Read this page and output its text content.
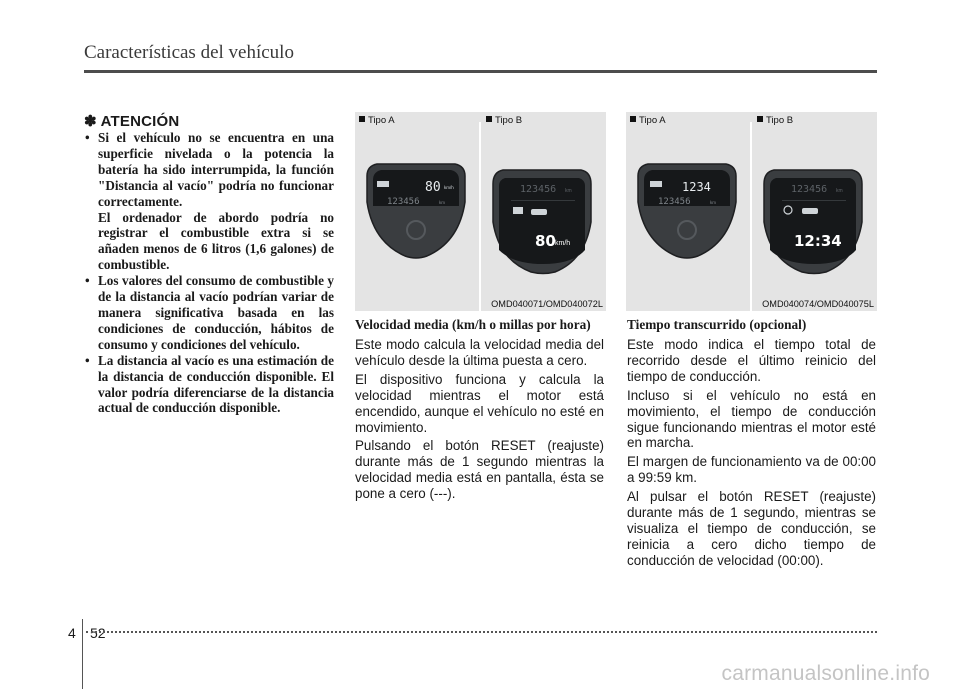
Características del vehículo
✽ ATENCIÓN
• Si el vehículo no se encuentra en una superficie nivelada o la potencia la batería ha sido interrumpida, la función "Distancia al vacío" podría no funcionar correctamente.
El ordenador de abordo podría no registrar el combustible extra si se añaden menos de 6 litros (1,6 galones) de combustible.
• Los valores del consumo de combustible y de la distancia al vacío podrían variar de manera significativa basada en las condiciones de conducción, hábitos de consumo y condiciones del vehículo.
• La distancia al vacío es una estimación de la distancia de conducción disponible. El valor podría diferenciarse de la distancia actual de conducción disponible.
80 km/h
123456	km
123456 km
80 km/h
Tipo A	Tipo B
OMD040071/OMD040072L
1234
123456	km
123456 km
12:34
Tipo A	Tipo B
OMD040074/OMD040075L
Velocidad media (km/h o millas por hora)

Este modo calcula la velocidad media del vehículo desde la última puesta a cero.

El dispositivo funciona y calcula la velocidad mientras el motor está encendido, aunque el vehículo no esté en movimiento.

Pulsando el botón RESET (reajuste) durante más de 1 segundo mientras la velocidad media está en pantalla, ésta se pone a cero (---).

Tiempo transcurrido (opcional)

Este modo indica el tiempo total de recorrido desde el último reinicio del tiempo de conducción.

Incluso si el vehículo no está en movimiento, el tiempo de conducción sigue funcionando mientras el motor esté en marcha.

El margen de funcionamiento va de 00:00 a 99:59 km.

Al pulsar el botón RESET (reajuste) durante más de 1 segundo, mientras se visualiza el tiempo de conducción, se reinicia a cero dicho tiempo de conducción de velocidad (00:00).

4 52
carmanualsonline.info
